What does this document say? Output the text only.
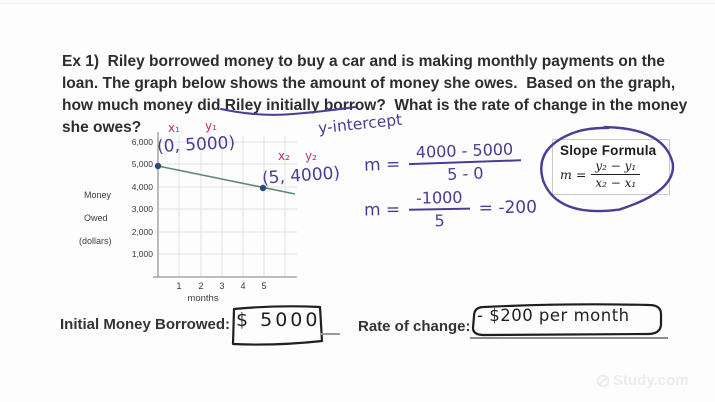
Ex 1)  Riley borrowed money to buy a car and is making monthly payments on the
loan. The graph below shows the amount of money she owes.  Based on the graph,
how much money did Riley initially borrow?  What is the rate of change in the money
she owes?
6,000
5,000
4,000
3,000
2,000
1,000
1	2	3	4	5
months
Money
Owed
(dollars)
x₁ y₁
(0, 5000)	x₂ y₂
(5, 4000)
y-intercept
$m = \frac{4000 - 5000}{5 - 0}$
$m = \frac{-1000}{5} = -200$
Slope Formula
$m = \frac{\text{y₂ − y₁}}{\text{x₂ − x₁}}$
Initial Money Borrowed: $ 5000	Rate of change:
- $200 per month
Study.com
